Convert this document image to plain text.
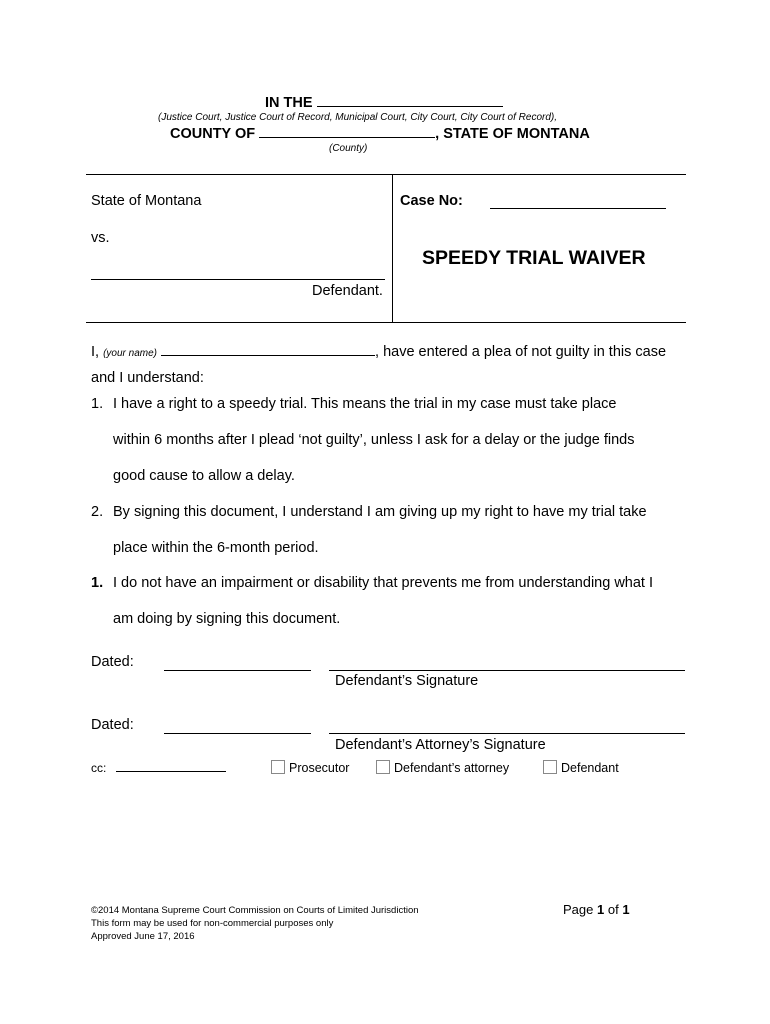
IN THE
(Justice Court, Justice Court of Record, Municipal Court, City Court, City Court of Record),
COUNTY OF	, STATE OF MONTANA
(County)
State of Montana
vs.
Defendant.
Case No:
SPEEDY TRIAL WAIVER
I, (your name)	, have entered a plea of not guilty in this case
and I understand:
1. I have a right to a speedy trial. This means the trial in my case must take place
within 6 months after I plead ‘not guilty’, unless I ask for a delay or the judge finds
good cause to allow a delay.
2. By signing this document, I understand I am giving up my right to have my trial take
place within the 6-month period.
1. I do not have an impairment or disability that prevents me from understanding what I
am doing by signing this document.
Dated:
Defendant’s Signature
Dated:
Defendant’s Attorney’s Signature
cc:	Prosecutor	Defendant’s attorney	Defendant
©2014 Montana Supreme Court Commission on Courts of Limited Jurisdiction
This form may be used for non-commercial purposes only
Approved June 17, 2016
Page 1 of 1
